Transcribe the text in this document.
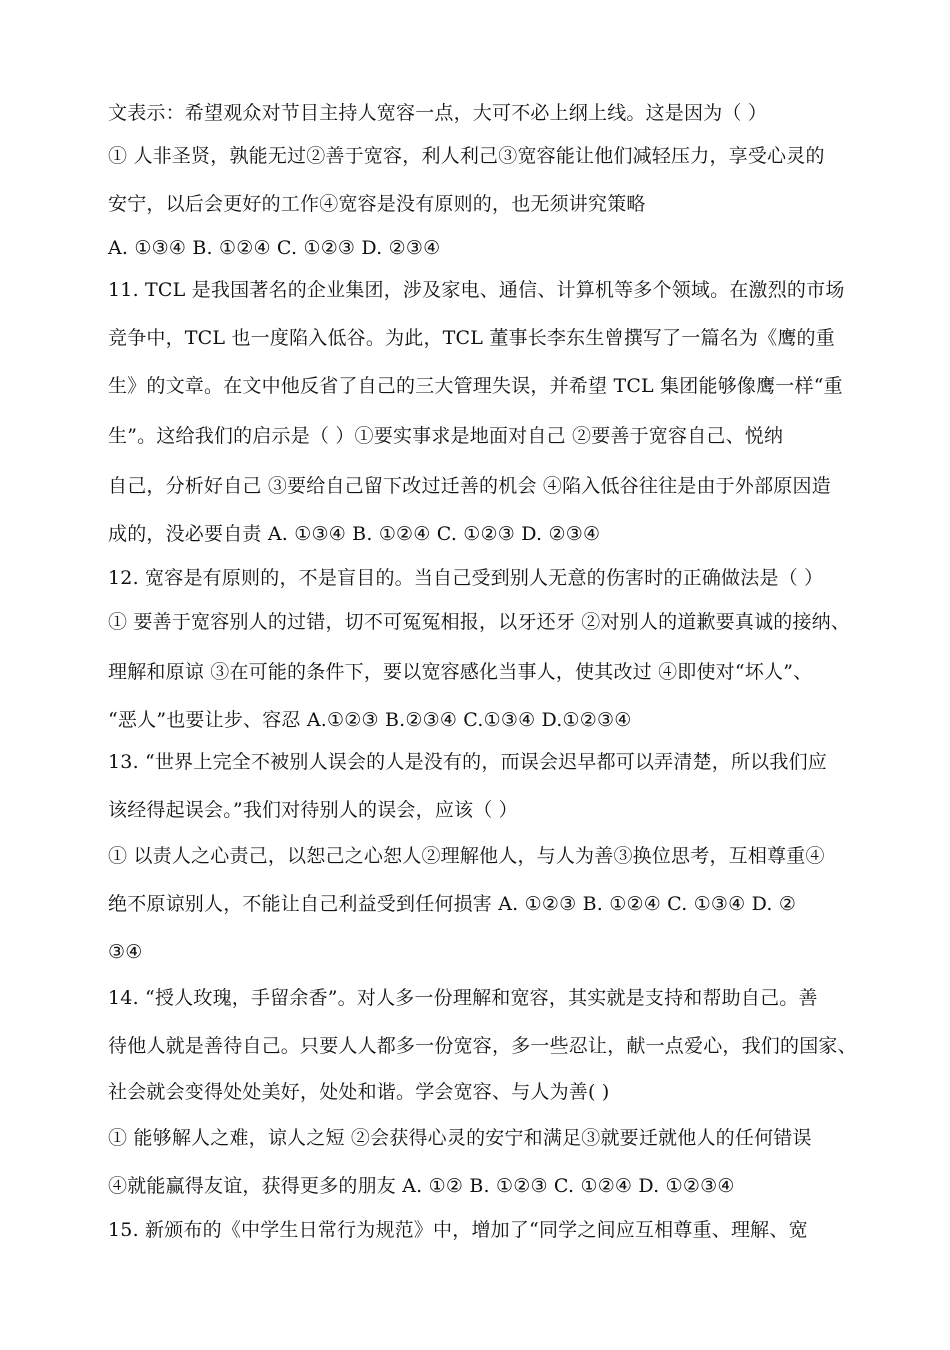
文表示：希望观众对节目主持人宽容一点，大可不必上纲上线。这是因为（ ）
① 人非圣贤，孰能无过②善于宽容，利人利己③宽容能让他们减轻压力，享受心灵的
安宁，以后会更好的工作④宽容是没有原则的，也无须讲究策略
A. ①③④ B. ①②④ C. ①②③ D. ②③④
11. TCL 是我国著名的企业集团，涉及家电、通信、计算机等多个领域。在激烈的市场
竞争中，TCL 也一度陷入低谷。为此，TCL 董事长李东生曾撰写了一篇名为《鹰的重
生》的文章。在文中他反省了自己的三大管理失误，并希望 TCL 集团能够像鹰一样“重
生”。这给我们的启示是（ ）①要实事求是地面对自己 ②要善于宽容自己、悦纳
自己，分析好自己 ③要给自己留下改过迁善的机会 ④陷入低谷往往是由于外部原因造
成的，没必要自责 A. ①③④ B. ①②④ C. ①②③ D. ②③④
12. 宽容是有原则的，不是盲目的。当自己受到别人无意的伤害时的正确做法是（ ）
① 要善于宽容别人的过错，切不可冤冤相报，以牙还牙 ②对别人的道歉要真诚的接纳、
理解和原谅 ③在可能的条件下，要以宽容感化当事人，使其改过 ④即使对“坏人”、
“恶人”也要让步、容忍 A.①②③ B.②③④ C.①③④ D.①②③④
13. “世界上完全不被别人误会的人是没有的，而误会迟早都可以弄清楚，所以我们应
该经得起误会。”我们对待别人的误会，应该（ ）
① 以责人之心责己，以恕己之心恕人②理解他人，与人为善③换位思考，互相尊重④
绝不原谅别人，不能让自己利益受到任何损害 A. ①②③ B. ①②④ C. ①③④ D. ②
③④
14. “授人玫瑰，手留余香”。对人多一份理解和宽容，其实就是支持和帮助自己。善
待他人就是善待自己。只要人人都多一份宽容，多一些忍让，献一点爱心，我们的国家、
社会就会变得处处美好，处处和谐。学会宽容、与人为善( )
① 能够解人之难，谅人之短 ②会获得心灵的安宁和满足③就要迁就他人的任何错误
④就能赢得友谊，获得更多的朋友 A. ①② B. ①②③ C. ①②④ D. ①②③④
15. 新颁布的《中学生日常行为规范》中，增加了“同学之间应互相尊重、理解、宽
